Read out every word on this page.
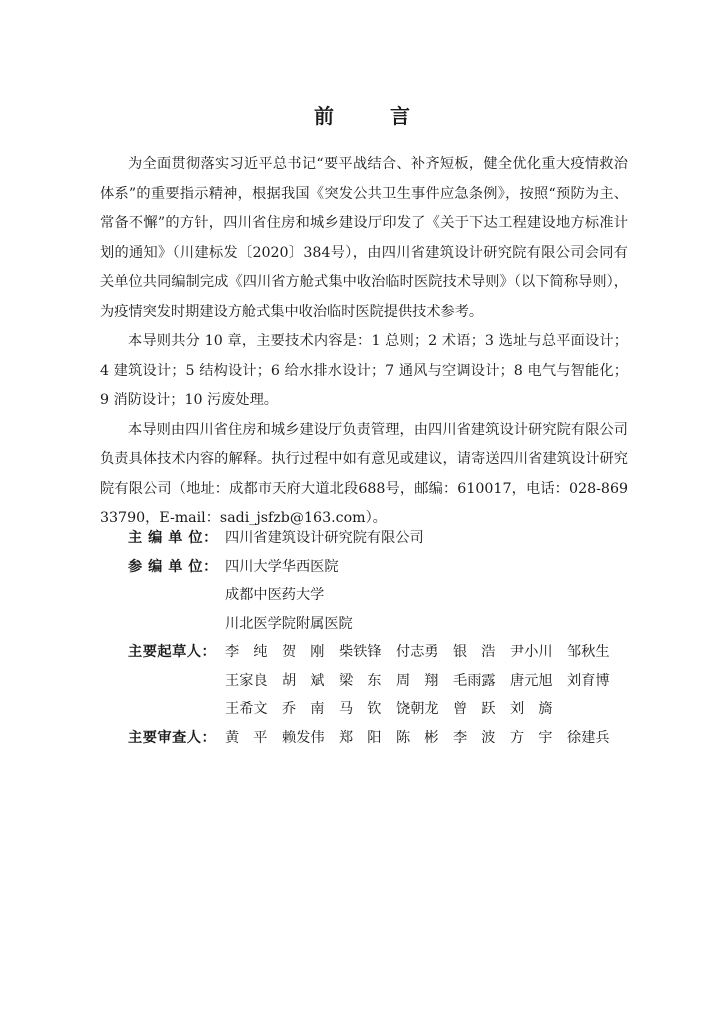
前　言

为全面贯彻落实习近平总书记“要平战结合、补齐短板，健全优化重大疫情救治体系”的重要指示精神，根据我国《突发公共卫生事件应急条例》，按照“预防为主、常备不懈”的方针，四川省住房和城乡建设厅印发了《关于下达工程建设地方标准计划的通知》（川建标发〔2020〕384号），由四川省建筑设计研究院有限公司会同有关单位共同编制完成《四川省方舱式集中收治临时医院技术导则》（以下简称导则），为疫情突发时期建设方舱式集中收治临时医院提供技术参考。

本导则共分 10 章，主要技术内容是：1 总则；2 术语；3 选址与总平面设计；4 建筑设计；5 结构设计；6 给水排水设计；7 通风与空调设计；8 电气与智能化；9 消防设计；10 污废处理。

本导则由四川省住房和城乡建设厅负责管理，由四川省建筑设计研究院有限公司负责具体技术内容的解释。执行过程中如有意见或建议，请寄送四川省建筑设计研究院有限公司（地址：成都市天府大道北段688号，邮编：610017，电话：028-86933790，E-mail：sadi_jsfzb@163.com）。

主 编 单 位： 四川省建筑设计研究院有限公司
参 编 单 位： 四川大学华西医院
成都中医药大学
川北医学院附属医院
主要起草人： 李纯 贺刚 柴铁锋	付志勇	银浩 尹小川	邹秋生
王家良	胡斌 梁东 周翔 毛雨露	唐元旭	刘育博
王希文	乔南 马钦 饶朝龙	曾跃 刘旖
主要审查人： 黄平 赖发伟	郑阳 陈彬 李波 方宇 徐建兵
